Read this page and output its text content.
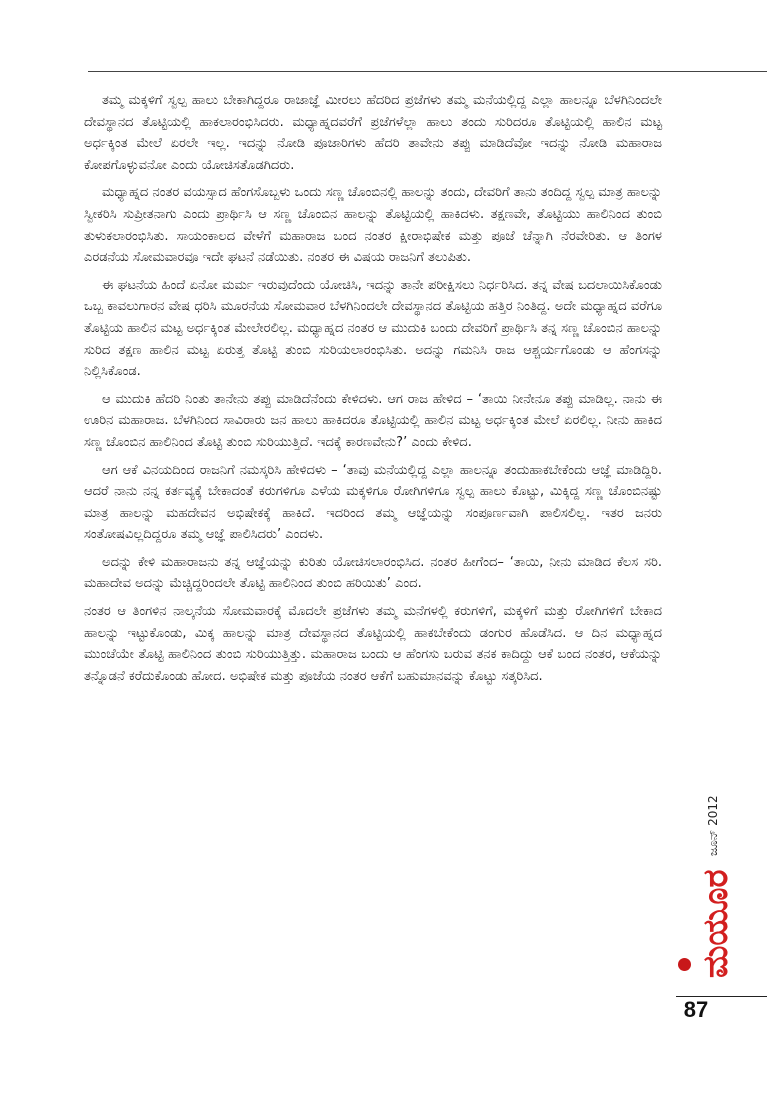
ತಮ್ಮ ಮಕ್ಕಳಿಗೆ ಸ್ವಲ್ಪ ಹಾಲು ಬೇಕಾಗಿದ್ದರೂ ರಾಜಾಜ್ಞೆ ಮೀರಲು ಹೆದರಿದ ಪ್ರಜೆಗಳು ತಮ್ಮ ಮನೆಯಲ್ಲಿದ್ದ ಎಲ್ಲಾ ಹಾಲನ್ನೂ ಬೆಳಗಿನಿಂದಲೇ ದೇವಸ್ಥಾನದ ತೊಟ್ಟಿಯಲ್ಲಿ ಹಾಕಲಾರಂಭಿಸಿದರು. ಮಧ್ಯಾಹ್ನದವರೆಗೆ ಪ್ರಜೆಗಳೆಲ್ಲಾ ಹಾಲು ತಂದು ಸುರಿದರೂ ತೊಟ್ಟಿಯಲ್ಲಿ ಹಾಲಿನ ಮಟ್ಟ ಅರ್ಧಕ್ಕಿಂತ ಮೇಲೆ ಏರಲೇ ಇಲ್ಲ. ಇದನ್ನು ನೋಡಿ ಪೂಜಾರಿಗಳು ಹೆದರಿ ತಾವೇನು ತಪ್ಪು ಮಾಡಿದೆವೋ ಇದನ್ನು ನೋಡಿ ಮಹಾರಾಜ ಕೋಪಗೊಳ್ಳುವನೋ ಎಂದು ಯೋಚಿಸತೊಡಗಿದರು.

ಮಧ್ಯಾಹ್ನದ ನಂತರ ವಯಸ್ಸಾದ ಹೆಂಗಸೊಬ್ಬಳು ಒಂದು ಸಣ್ಣ ಚೊಂಬಿನಲ್ಲಿ ಹಾಲನ್ನು ತಂದು, ದೇವರಿಗೆ ತಾನು ತಂದಿದ್ದ ಸ್ವಲ್ಪ ಮಾತ್ರ ಹಾಲನ್ನು ಸ್ವೀಕರಿಸಿ ಸುಪ್ರೀತನಾಗು ಎಂದು ಪ್ರಾರ್ಥಿಸಿ ಆ ಸಣ್ಣ ಚೊಂಬಿನ ಹಾಲನ್ನು ತೊಟ್ಟಿಯಲ್ಲಿ ಹಾಕಿದಳು. ತಕ್ಷಣವೇ, ತೊಟ್ಟಿಯು ಹಾಲಿನಿಂದ ತುಂಬಿ ತುಳುಕಲಾರಂಭಿಸಿತು. ಸಾಯಂಕಾಲದ ವೇಳೆಗೆ ಮಹಾರಾಜ ಬಂದ ನಂತರ ಕ್ಷೀರಾಭಿಷೇಕ ಮತ್ತು ಪೂಜೆ ಚೆನ್ನಾಗಿ ನೆರವೇರಿತು. ಆ ತಿಂಗಳ ಎರಡನೆಯ ಸೋಮವಾರವೂ ಇದೇ ಘಟನೆ ನಡೆಯಿತು. ನಂತರ ಈ ವಿಷಯ ರಾಜನಿಗೆ ತಲುಪಿತು.

ಈ ಘಟನೆಯ ಹಿಂದೆ ಏನೋ ಮರ್ಮ ಇರುವುದೆಂದು ಯೋಚಿಸಿ, ಇದನ್ನು ತಾನೇ ಪರೀಕ್ಷಿಸಲು ನಿರ್ಧರಿಸಿದ. ತನ್ನ ವೇಷ ಬದಲಾಯಿಸಿಕೊಂಡು ಒಬ್ಬ ಕಾವಲುಗಾರನ ವೇಷ ಧರಿಸಿ ಮೂರನೆಯ ಸೋಮವಾರ ಬೆಳಗಿನಿಂದಲೇ ದೇವಸ್ಥಾನದ ತೊಟ್ಟಿಯ ಹತ್ತಿರ ನಿಂತಿದ್ದ. ಅದೇ ಮಧ್ಯಾಹ್ನದ ವರೆಗೂ ತೊಟ್ಟಿಯ ಹಾಲಿನ ಮಟ್ಟ ಅರ್ಧಕ್ಕಿಂತ ಮೇಲೇರಲಿಲ್ಲ. ಮಧ್ಯಾಹ್ನದ ನಂತರ ಆ ಮುದುಕಿ ಬಂದು ದೇವರಿಗೆ ಪ್ರಾರ್ಥಿಸಿ ತನ್ನ ಸಣ್ಣ ಚೊಂಬಿನ ಹಾಲನ್ನು ಸುರಿದ ತಕ್ಷಣ ಹಾಲಿನ ಮಟ್ಟ ಏರುತ್ತ ತೊಟ್ಟಿ ತುಂಬಿ ಸುರಿಯಲಾರಂಭಿಸಿತು. ಅದನ್ನು ಗಮನಿಸಿ ರಾಜ ಆಶ್ಚರ್ಯಗೊಂಡು ಆ ಹೆಂಗಸನ್ನು ನಿಲ್ಲಿಸಿಕೊಂಡ.

ಆ ಮುದುಕಿ ಹೆದರಿ ನಿಂತು ತಾನೇನು ತಪ್ಪು ಮಾಡಿದೆನೆಂದು ಕೇಳಿದಳು. ಆಗ ರಾಜ ಹೇಳಿದ – ‘ತಾಯಿ ನೀನೇನೂ ತಪ್ಪು ಮಾಡಿಲ್ಲ. ನಾನು ಈ ಊರಿನ ಮಹಾರಾಜ. ಬೆಳಗಿನಿಂದ ಸಾವಿರಾರು ಜನ ಹಾಲು ಹಾಕಿದರೂ ತೊಟ್ಟಿಯಲ್ಲಿ ಹಾಲಿನ ಮಟ್ಟ ಅರ್ಧಕ್ಕಿಂತ ಮೇಲೆ ಏರಲಿಲ್ಲ. ನೀನು ಹಾಕಿದ ಸಣ್ಣ ಚೊಂಬಿನ ಹಾಲಿನಿಂದ ತೊಟ್ಟಿ ತುಂಬಿ ಸುರಿಯುತ್ತಿದೆ. ಇದಕ್ಕೆ ಕಾರಣವೇನು?’ ಎಂದು ಕೇಳಿದ.

ಆಗ ಆಕೆ ವಿನಯದಿಂದ ರಾಜನಿಗೆ ನಮಸ್ಕರಿಸಿ ಹೇಳಿದಳು – ‘ತಾವು ಮನೆಯಲ್ಲಿದ್ದ ಎಲ್ಲಾ ಹಾಲನ್ನೂ ತಂದುಹಾಕಬೇಕೆಂದು ಆಜ್ಞೆ ಮಾಡಿದ್ದಿರಿ. ಆದರೆ ನಾನು ನನ್ನ ಕರ್ತವ್ಯಕ್ಕೆ ಬೇಕಾದಂತೆ ಕರುಗಳಿಗೂ ಎಳೆಯ ಮಕ್ಕಳಿಗೂ ರೋಗಿಗಳಿಗೂ ಸ್ವಲ್ಪ ಹಾಲು ಕೊಟ್ಟು, ಮಿಕ್ಕಿದ್ದ ಸಣ್ಣ ಚೊಂಬಿನಷ್ಟು ಮಾತ್ರ ಹಾಲನ್ನು ಮಹದೇವನ ಅಭಿಷೇಕಕ್ಕೆ ಹಾಕಿದೆ. ಇದರಿಂದ ತಮ್ಮ ಆಜ್ಞೆಯನ್ನು ಸಂಪೂರ್ಣವಾಗಿ ಪಾಲಿಸಲಿಲ್ಲ. ಇತರ ಜನರು ಸಂತೋಷವಿಲ್ಲದಿದ್ದರೂ ತಮ್ಮ ಆಜ್ಞೆ ಪಾಲಿಸಿದರು’ ಎಂದಳು.

ಅದನ್ನು ಕೇಳಿ ಮಹಾರಾಜನು ತನ್ನ ಆಜ್ಞೆಯನ್ನು ಕುರಿತು ಯೋಚಿಸಲಾರಂಭಿಸಿದ. ನಂತರ ಹೀಗೆಂದ– ‘ತಾಯಿ, ನೀನು ಮಾಡಿದ ಕೆಲಸ ಸರಿ. ಮಹಾದೇವ ಅದನ್ನು ಮೆಚ್ಚಿದ್ದರಿಂದಲೇ ತೊಟ್ಟಿ ಹಾಲಿನಿಂದ ತುಂಬಿ ಹರಿಯಿತು’ ಎಂದ.

ನಂತರ ಆ ತಿಂಗಳಿನ ನಾಲ್ಕನೆಯ ಸೋಮವಾರಕ್ಕೆ ಮೊದಲೇ ಪ್ರಜೆಗಳು ತಮ್ಮ ಮನೆಗಳಲ್ಲಿ ಕರುಗಳಿಗೆ, ಮಕ್ಕಳಿಗೆ ಮತ್ತು ರೋಗಿಗಳಿಗೆ ಬೇಕಾದ ಹಾಲನ್ನು ಇಟ್ಟುಕೊಂಡು, ಮಿಕ್ಕ ಹಾಲನ್ನು ಮಾತ್ರ ದೇವಸ್ಥಾನದ ತೊಟ್ಟಿಯಲ್ಲಿ ಹಾಕಬೇಕೆಂದು ಡಂಗುರ ಹೊಡೆಸಿದ. ಆ ದಿನ ಮಧ್ಯಾಹ್ನದ ಮುಂಚೆಯೇ ತೊಟ್ಟಿ ಹಾಲಿನಿಂದ ತುಂಬಿ ಸುರಿಯುತ್ತಿತ್ತು. ಮಹಾರಾಜ ಬಂದು ಆ ಹೆಂಗಸು ಬರುವ ತನಕ ಕಾದಿದ್ದು ಆಕೆ ಬಂದ ನಂತರ, ಆಕೆಯನ್ನು ತನ್ನೊಡನೆ ಕರೆದುಕೊಂಡು ಹೋದ. ಅಭಿಷೇಕ ಮತ್ತು ಪೂಜೆಯ ನಂತರ ಆಕೆಗೆ ಬಹುಮಾನವನ್ನು ಕೊಟ್ಟು ಸತ್ಕರಿಸಿದ.

ಜೂನ್ 2012
ಮಯೂರ
87
